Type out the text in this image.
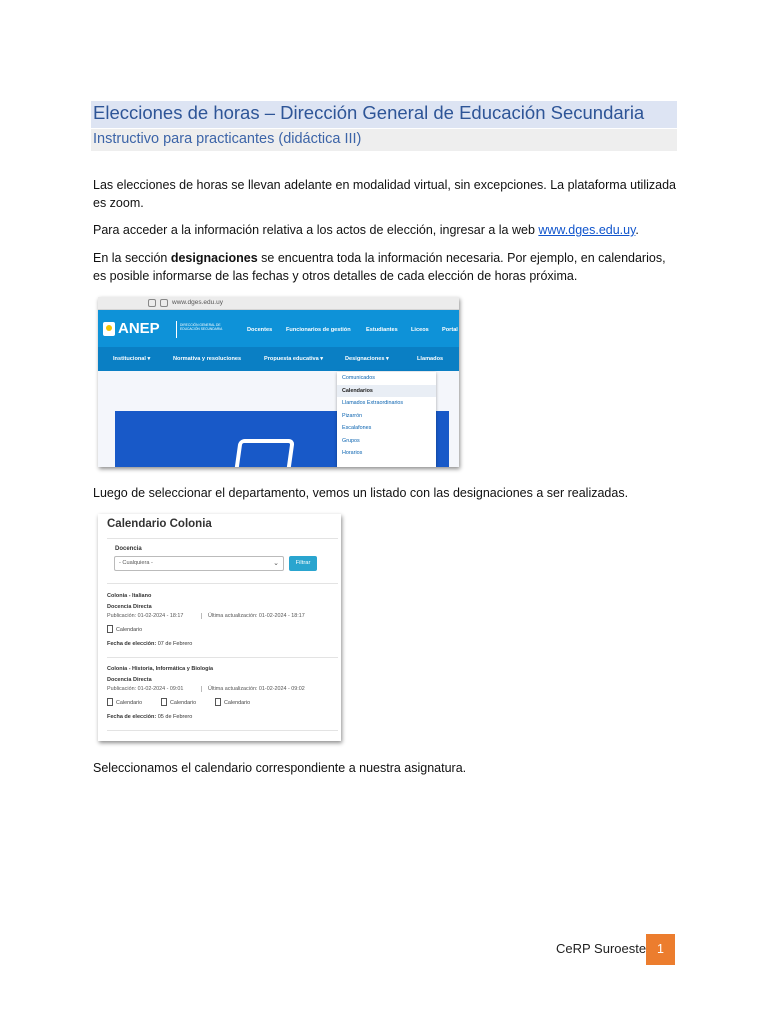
Elecciones de horas – Dirección General de Educación Secundaria
Instructivo para practicantes (didáctica III)

Las elecciones de horas se llevan adelante en modalidad virtual, sin excepciones. La plataforma utilizada es zoom.

Para acceder a la información relativa a los actos de elección, ingresar a la web www.dges.edu.uy.

En la sección designaciones se encuentra toda la información necesaria. Por ejemplo, en calendarios, es posible informarse de las fechas y otros detalles de cada elección de horas próxima.

www.dges.edu.uy
ANEP	DIRECCIÓN GENERAL DE EDUCACIÓN SECUNDARIA	Docentes Funcionarios de gestión	Estudiantes Liceos Portal
Institucional ▾	Normativa y resoluciones	Propuesta educativa ▾	Designaciones ▾	Llamados
Comunicados
Calendarios
Llamados Extraordinarios
Pizarrón
Escalafones
Grupos
Horarios

Luego de seleccionar el departamento, vemos un listado con las designaciones a ser realizadas.

Calendario Colonia
Docencia
- Cualquiera -	⌄	Filtrar
Colonia - Italiano
Docencia Directa
Publicación: 01-02-2024 - 18:17	Última actualización: 01-02-2024 - 18:17
Calendario
Fecha de elección: 07 de Febrero
Colonia - Historia, Informática y Biología
Docencia Directa
Publicación: 01-02-2024 - 09:01	Última actualización: 01-02-2024 - 09:02
Calendario	Calendario	Calendario
Fecha de elección: 05 de Febrero

Seleccionamos el calendario correspondiente a nuestra asignatura.

CeRP Suroeste 1
